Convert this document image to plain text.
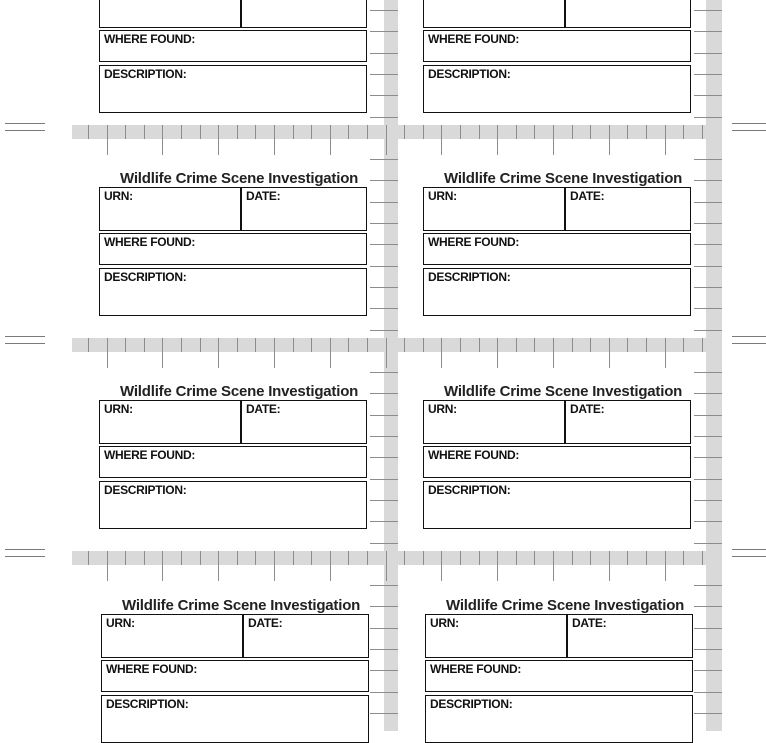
WHERE FOUND:
DESCRIPTION:
WHERE FOUND:
DESCRIPTION:
Wildlife Crime Scene Investigation
URN:	DATE:
WHERE FOUND:
DESCRIPTION:
Wildlife Crime Scene Investigation
URN:	DATE:
WHERE FOUND:
DESCRIPTION:
Wildlife Crime Scene Investigation
URN:	DATE:
WHERE FOUND:
DESCRIPTION:
Wildlife Crime Scene Investigation
URN:	DATE:
WHERE FOUND:
DESCRIPTION:
Wildlife Crime Scene Investigation
URN:	DATE:
WHERE FOUND:
DESCRIPTION:
Wildlife Crime Scene Investigation
URN:	DATE:
WHERE FOUND:
DESCRIPTION:
